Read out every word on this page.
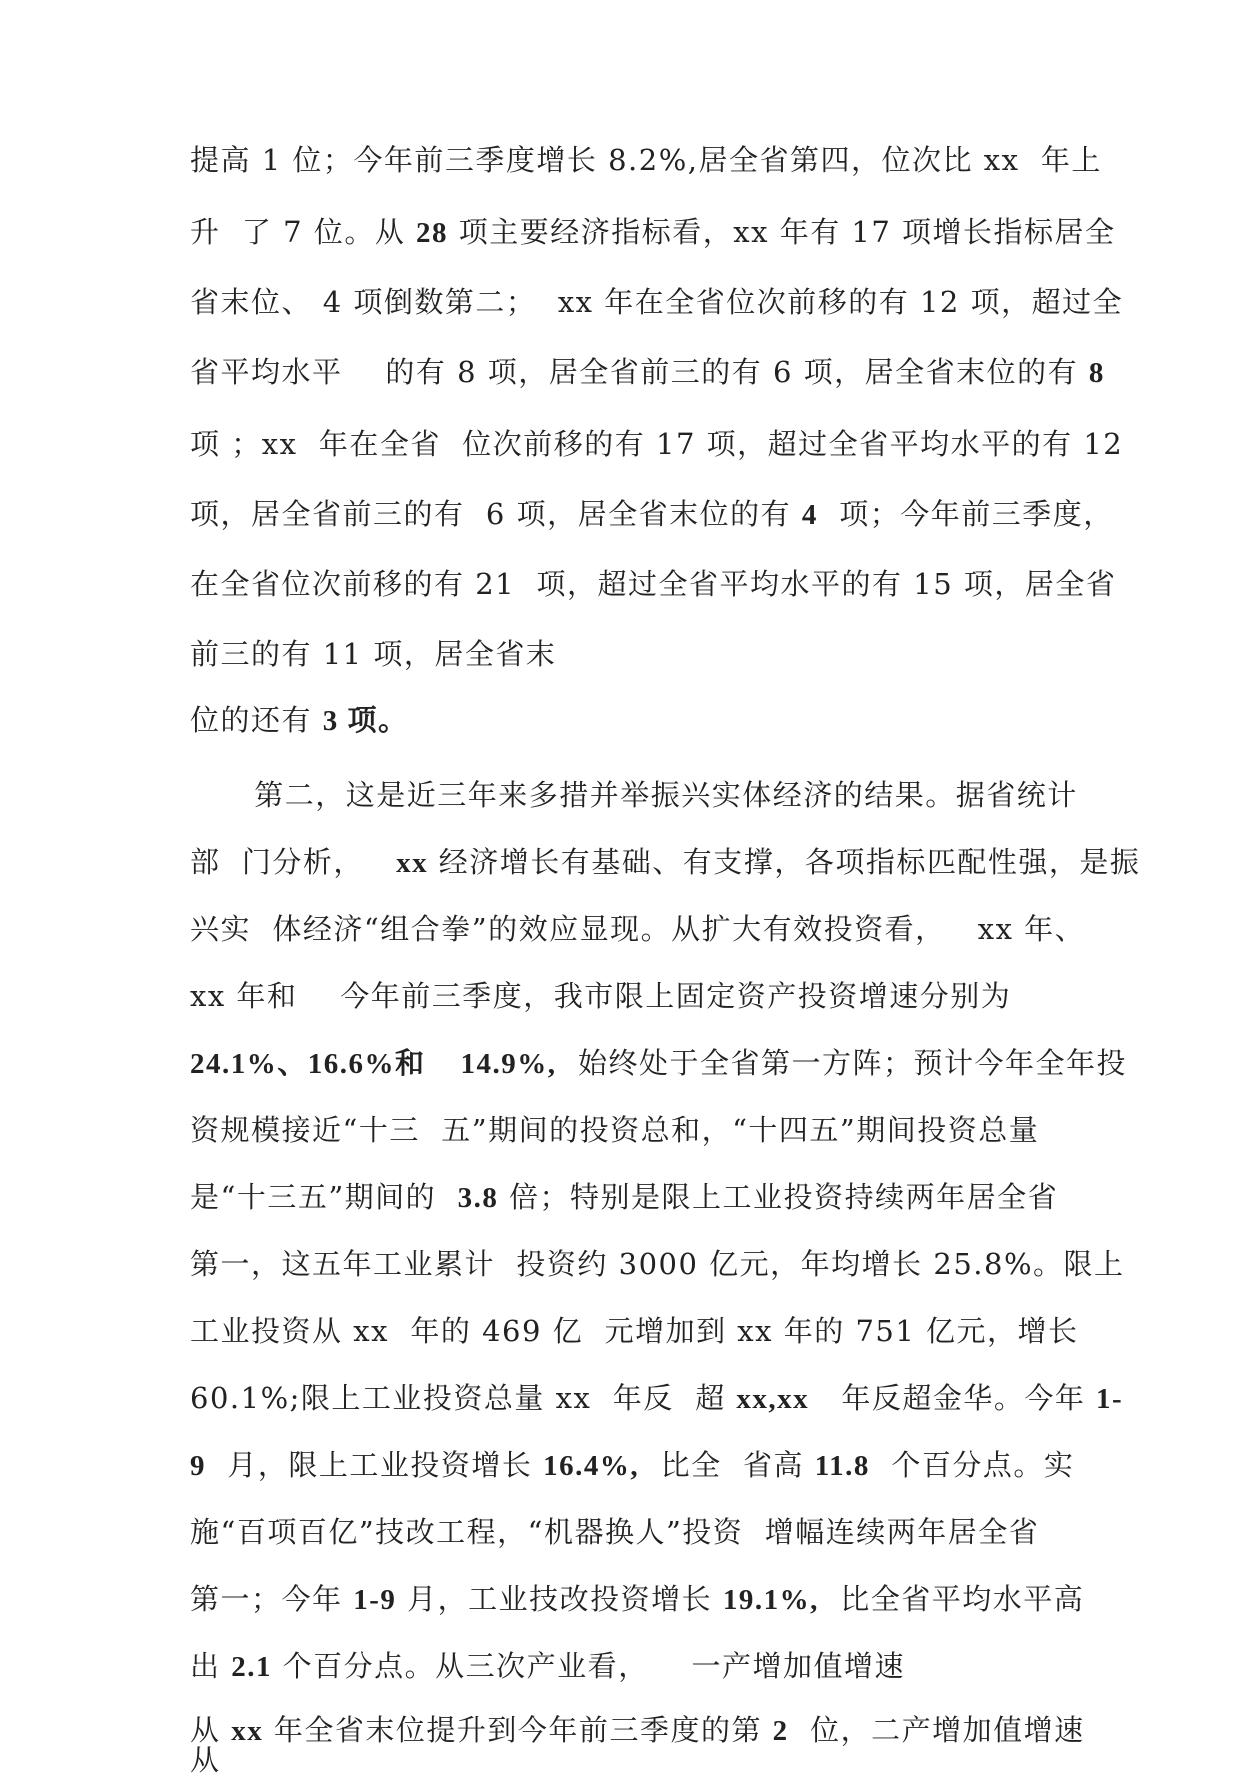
提高 1 位；今年前三季度增长 8.2%,居全省第四，位次比 xx  年上
升  了 7 位。从 28 项主要经济指标看，xx 年有 17 项增长指标居全
省末位、 4 项倒数第二；  xx 年在全省位次前移的有 12 项，超过全
省平均水平    的有 8 项，居全省前三的有 6 项，居全省末位的有 8
项 ；xx  年在全省  位次前移的有 17 项，超过全省平均水平的有 12
项，居全省前三的有  6 项，居全省末位的有 4  项；今年前三季度，
在全省位次前移的有 21  项，超过全省平均水平的有 15 项，居全省
前三的有 11 项，居全省末
位的还有 3 项。
第二，这是近三年来多措并举振兴实体经济的结果。据省统计
部  门分析，   xx 经济增长有基础、有支撑，各项指标匹配性强，是振
兴实  体经济“组合拳”的效应显现。从扩大有效投资看，   xx 年、
xx 年和    今年前三季度，我市限上固定资产投资增速分别为
24.1%、16.6%和    14.9%,  始终处于全省第一方阵；预计今年全年投
资规模接近“十三  五”期间的投资总和，“十四五”期间投资总量
是“十三五”期间的  3.8 倍；特别是限上工业投资持续两年居全省
第一，这五年工业累计  投资约 3000 亿元，年均增长 25.8%。限上
工业投资从 xx  年的 469 亿  元增加到 xx 年的 751 亿元，增长
60.1%;限上工业投资总量 xx  年反  超 xx,xx   年反超金华。今年 1-
9  月，限上工业投资增长 16.4%,  比全  省高 11.8  个百分点。实
施“百项百亿”技改工程，“机器换人”投资  增幅连续两年居全省
第一；今年 1-9 月，工业技改投资增长 19.1%,  比全省平均水平高
出 2.1 个百分点。从三次产业看，    一产增加值增速
从 xx 年全省末位提升到今年前三季度的第 2  位，二产增加值增速
从
